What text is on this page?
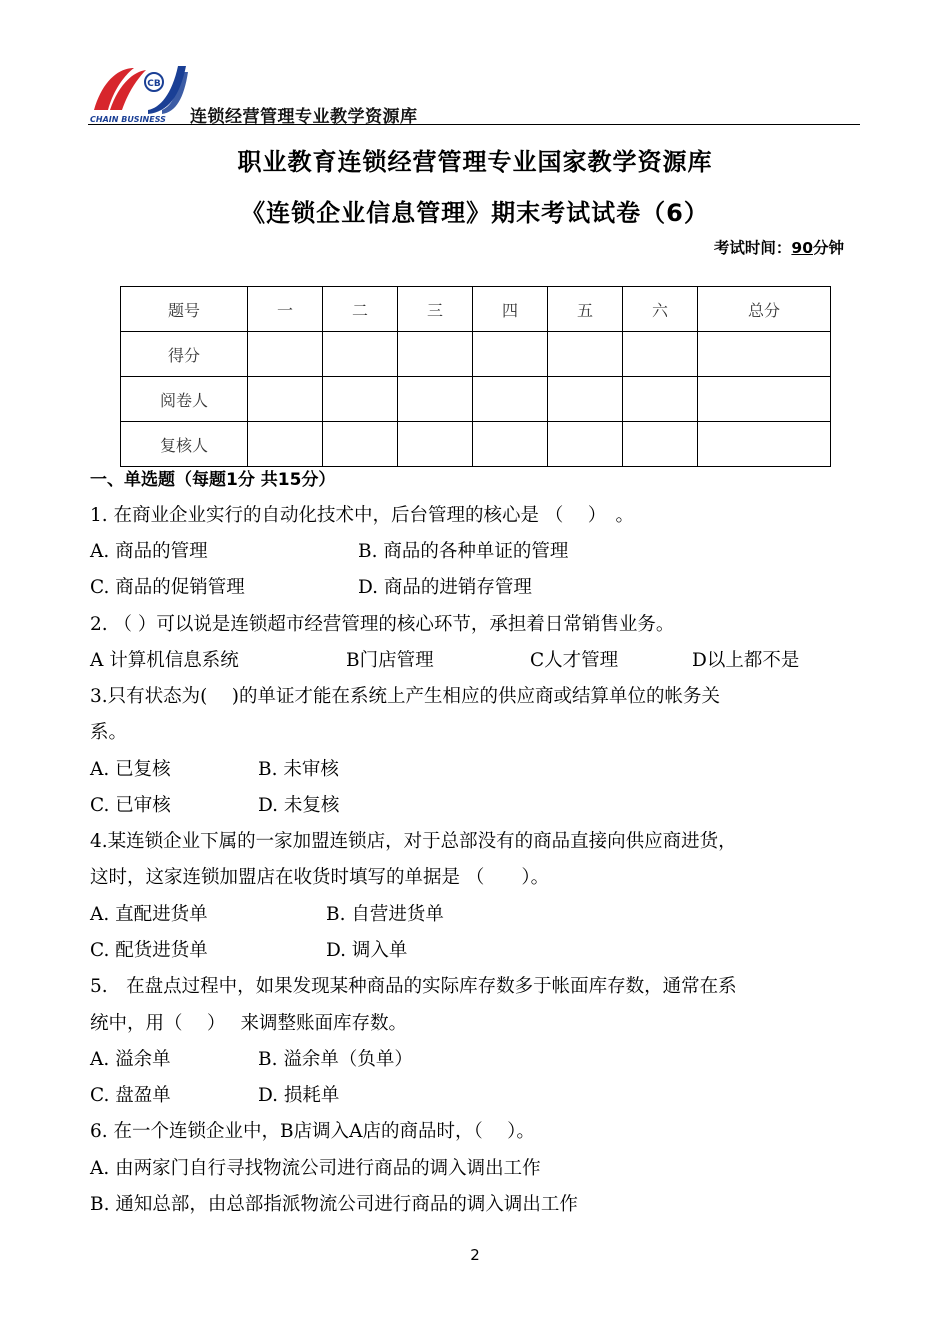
CB
CHAIN BUSINESS 连锁经营管理专业教学资源库
职业教育连锁经营管理专业国家教学资源库
《连锁企业信息管理》期末考试试卷（6）
考试时间：90分钟
题号	一	二	三	四	五	六	总分
得分							
阅卷人							
复核人							
一、单选题（每题1分 共15分）
1. 在商业企业实行的自动化技术中，后台管理的核心是 （　 ）　。
A. 商品的管理	B. 商品的各种单证的管理
C. 商品的促销管理	D. 商品的进销存管理
2. （ ）可以说是连锁超市经营管理的核心环节，承担着日常销售业务。
A 计算机信息系统	B门店管理	C人才管理	D以上都不是
3.只有状态为(　 )的单证才能在系统上产生相应的供应商或结算单位的帐务关
系。
A. 已复核	B. 未审核
C. 已审核	D. 未复核
4.某连锁企业下属的一家加盟连锁店，对于总部没有的商品直接向供应商进货，
这时，这家连锁加盟店在收货时填写的单据是 （　　）。
A. 直配进货单	B. 自营进货单
C. 配货进货单	D. 调入单
5.　在盘点过程中，如果发现某种商品的实际库存数多于帐面库存数，通常在系
统中，用（　 ）　 来调整账面库存数。
A. 溢余单	B. 溢余单（负单）
C. 盘盈单	D. 损耗单
6. 在一个连锁企业中，B店调入A店的商品时，（　 ）。
A. 由两家门自行寻找物流公司进行商品的调入调出工作
B. 通知总部，由总部指派物流公司进行商品的调入调出工作
2
